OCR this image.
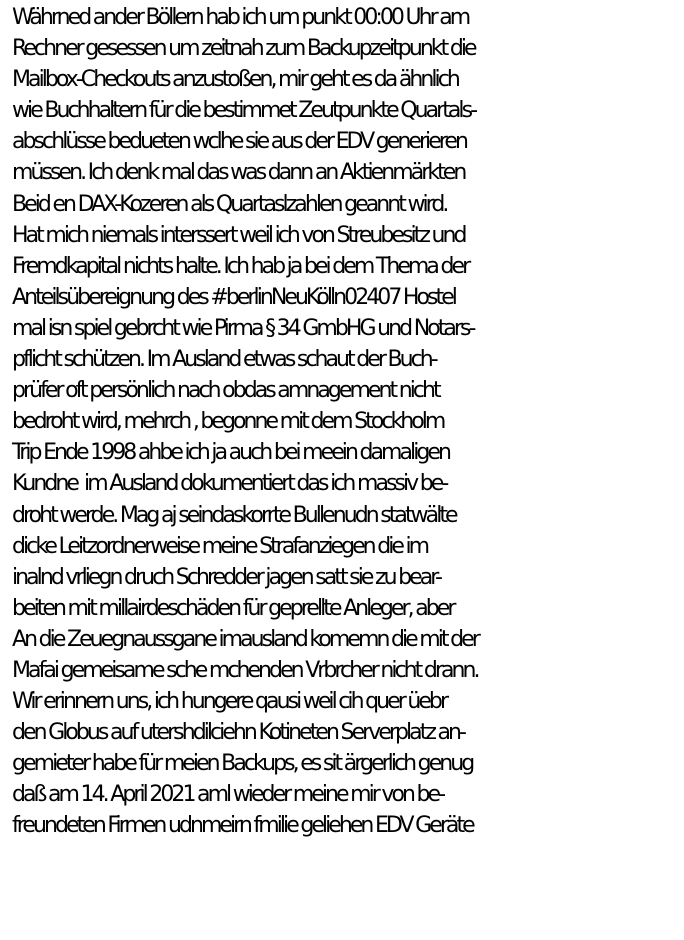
Währned ander Böllern hab ich um punkt 00:00 Uhr am
Rechner gesessen um zeitnah zum Backupzeitpunkt die
Mailbox-Checkouts anzustoßen, mir geht es da ähnlich
wie Buchhaltern für die bestimmet Zeutpunkte Quartals-
abschlüsse bedueten wclhe sie aus der EDV generieren
müssen. Ich denk mal das was dann an Aktienmärkten
Beid en DAX-Kozeren als Quartaslzahlen geannt wird.
Hat mich niemals interssert weil ich von Streubesitz und
Fremdkapital nichts halte. Ich hab ja bei dem Thema der
Anteilsübereignung des #berlinNeuKölln02407 Hostel
mal isn spiel gebrcht wie Pirma § 34 GmbHG und Notars-
pflicht schützen. Im Ausland etwas schaut der Buch-
prüfer oft persönlich nach obdas amnagement nicht
bedroht wird, mehrch , begonne mit dem Stockholm
Trip Ende 1998 ahbe ich ja auch bei meein damaligen
Kundne  im Ausland dokumentiert das ich massiv be-
droht werde. Mag aj seindaskorrte Bullenudn statwälte
dicke Leitzordnerweise meine Strafanziegen die im
inalnd vrliegn druch Schredder jagen satt sie zu bear-
beiten mit millairdeschäden für geprellte Anleger, aber
An die Zeuegnaussgane imausland komemn die mit der
Mafai gemeisame sche mchenden Vrbrcher nicht drann.
Wir erinnern uns, ich hungere qausi weil cih quer üebr
den Globus auf utershdilciehn Kotineten Serverplatz an-
gemieter habe für meien Backups, es sit ärgerlich genug
daß am 14. April 2021 aml wieder meine mir von be-
freundeten Firmen udnmeirn fmilie geliehen EDV Geräte
